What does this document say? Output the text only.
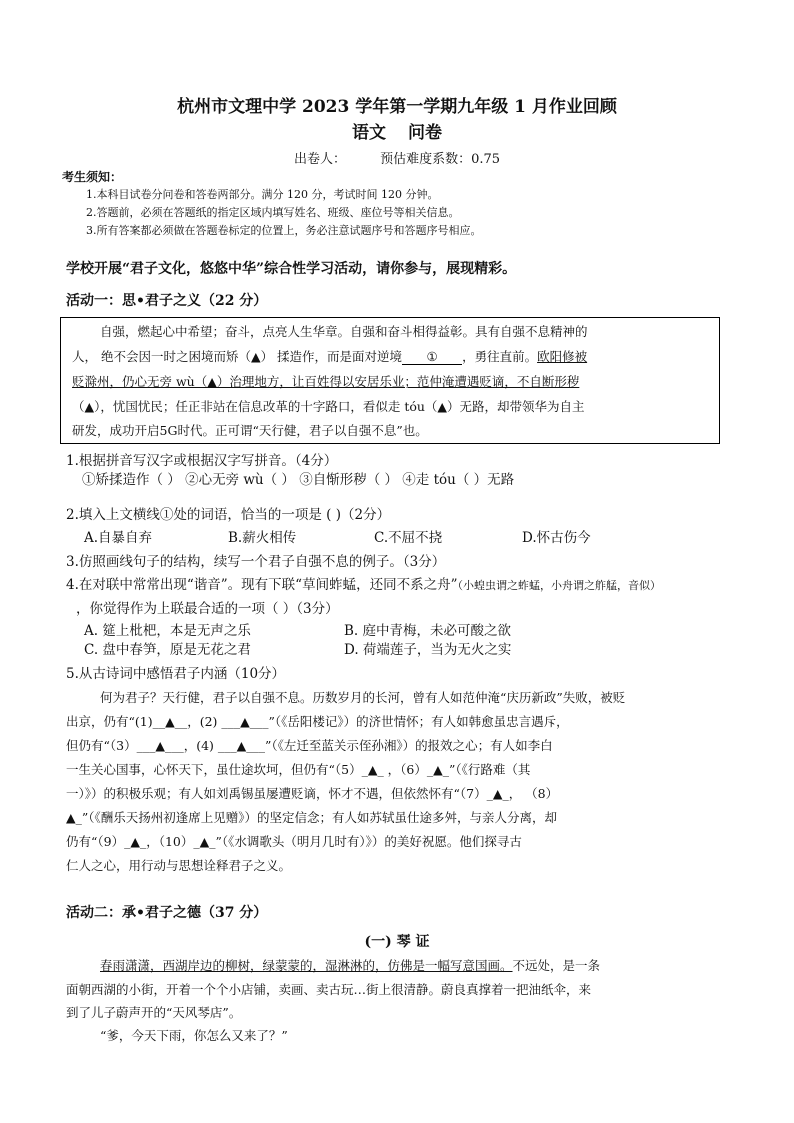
杭州市文理中学 2023 学年第一学期九年级 1 月作业回顾
语文 问卷
出卷人：	预估难度系数：0.75
考生须知：
1.本科目试卷分问卷和答卷两部分。满分 120 分，考试时间 120 分钟。
2.答题前，必须在答题纸的指定区域内填写姓名、班级、座位号等相关信息。
3.所有答案都必须做在答题卷标定的位置上，务必注意试题序号和答题序号相应。
学校开展“君子文化，悠悠中华”综合性学习活动，请你参与，展现精彩。
活动一：思•君子之义（22 分）
自强，燃起心中希望；奋斗，点亮人生华章。自强和奋斗相得益彰。具有自强不息精神的
人， 绝不会因一时之困境而矫（▲） 揉造作，而是面对逆境 ① ，勇往直前。欧阳修被
贬滁州，仍心无旁 wù（▲）治理地方，让百姓得以安居乐业；范仲淹遭遇贬谪，不自断形秽
（▲），忧国忧民；任正非站在信息改革的十字路口，看似走 tóu（▲）无路，却带领华为自主
研发，成功开启5G时代。正可谓“天行健，君子以自强不息”也。
1.根据拼音写汉字或根据汉字写拼音。（4分）
①矫揉造作（ ） ②心无旁 wù（ ） ③自惭形秽（ ） ④走 tóu（ ）无路
2.填入上文横线①处的词语，恰当的一项是 ( )（2分）
A.自暴自弃	B.薪火相传	C.不屈不挠	D.怀古伤今
3.仿照画线句子的结构，续写一个君子自强不息的例子。（3分）
4.在对联中常常出现“谐音”。现有下联“草间蚱蜢，还同不系之舟”（小蝗虫谓之蚱蜢，小舟谓之舴艋，音似）
，你觉得作为上联最合适的一项（ ）（3分）
A. 筵上枇杷，本是无声之乐	B. 庭中青梅，未必可酸之欲
C. 盘中春笋，原是无花之君	D. 荷端莲子，当为无火之实
5.从古诗词中感悟君子内涵（10分）
何为君子？天行健，君子以自强不息。历数岁月的长河，曾有人如范仲淹“庆历新政”失败，被贬
出京，仍有“(1)__▲__，(2) ___▲___”（《岳阳楼记》）的济世情怀；有人如韩愈虽忠言遇斥，
但仍有“（3）___▲___，(4) ___▲___”（《左迁至蓝关示侄孙湘》）的报效之心；有人如李白
一生关心国事，心怀天下，虽仕途坎坷，但仍有“（5）_▲_ ，（6）_▲_”（《行路难（其
一）》）的积极乐观；有人如刘禹锡虽屡遭贬谪，怀才不遇，但依然怀有“（7）_▲_， （8）
▲_”（《酬乐天扬州初逢席上见赠》）的坚定信念；有人如苏轼虽仕途多舛，与亲人分离，却
仍有“（9）_▲_，（10）_▲_”（《水调歌头（明月几时有）》）的美好祝愿。他们探寻古
仁人之心，用行动与思想诠释君子之义。
活动二：承•君子之德（37 分）
(一) 琴 证
春雨潇潇，西湖岸边的柳树，绿蒙蒙的，湿淋淋的，仿佛是一幅写意国画。不远处，是一条
面朝西湖的小街，开着一个个小店铺，卖画、卖古玩…街上很清静。蔚良真撑着一把油纸伞，来
到了儿子蔚声开的“天风琴店”。
“爹，今天下雨，你怎么又来了？”
